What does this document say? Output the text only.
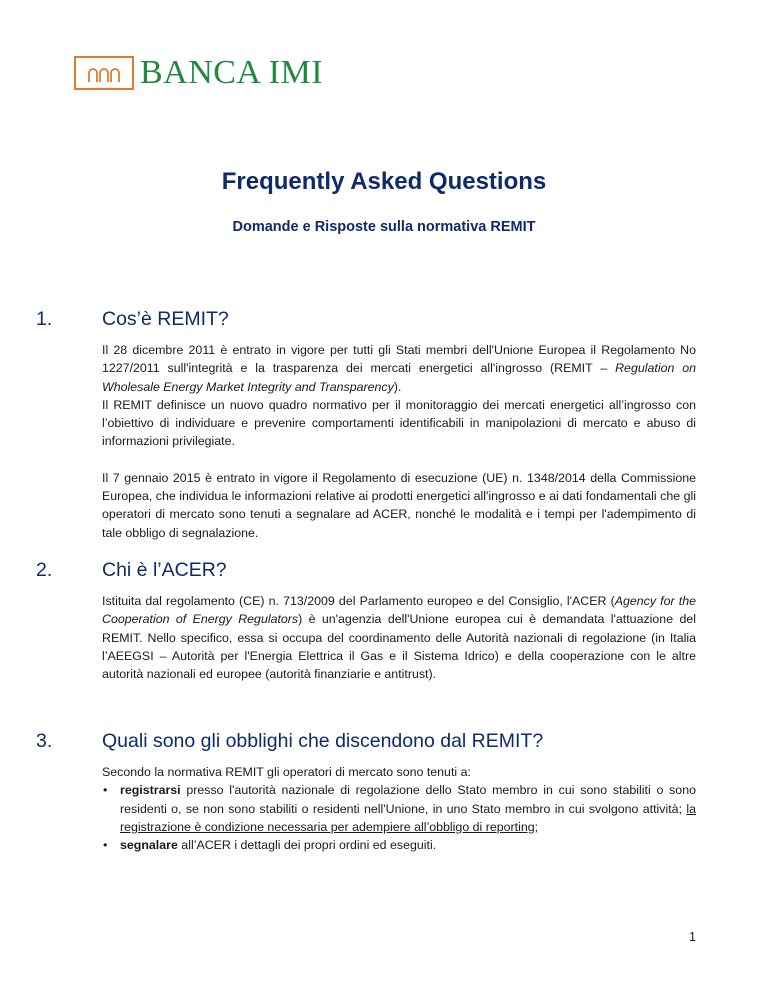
BANCA IMI
Frequently Asked Questions
Domande e Risposte sulla normativa REMIT
1.	Cos’è REMIT?

Il 28 dicembre 2011 è entrato in vigore per tutti gli Stati membri dell'Unione Europea il Regolamento No 1227/2011 sull'integrità e la trasparenza dei mercati energetici all'ingrosso (REMIT – Regulation on Wholesale Energy Market Integrity and Transparency).

Il REMIT definisce un nuovo quadro normativo per il monitoraggio dei mercati energetici all’ingrosso con l’obiettivo di individuare e prevenire comportamenti identificabili in manipolazioni di mercato e abuso di informazioni privilegiate.

Il 7 gennaio 2015 è entrato in vigore il Regolamento di esecuzione (UE) n. 1348/2014 della Commissione Europea, che individua le informazioni relative ai prodotti energetici all'ingrosso e ai dati fondamentali che gli operatori di mercato sono tenuti a segnalare ad ACER, nonché le modalità e i tempi per l'adempimento di tale obbligo di segnalazione.

2.	Chi è l’ACER?

Istituita dal regolamento (CE) n. 713/2009 del Parlamento europeo e del Consiglio, l'ACER (Agency for the Cooperation of Energy Regulators) è un'agenzia dell'Unione europea cui è demandata l'attuazione del REMIT. Nello specifico, essa si occupa del coordinamento delle Autorità nazionali di regolazione (in Italia l’AEEGSI – Autorità per l'Energia Elettrica il Gas e il Sistema Idrico) e della cooperazione con le altre autorità nazionali ed europee (autorità finanziarie e antitrust).

3.	Quali sono gli obblighi che discendono dal REMIT?

Secondo la normativa REMIT gli operatori di mercato sono tenuti a:

• registrarsi presso l'autorità nazionale di regolazione dello Stato membro in cui sono stabiliti o sono residenti o, se non sono stabiliti o residenti nell'Unione, in uno Stato membro in cui svolgono attività; la registrazione è condizione necessaria per adempiere all’obbligo di reporting;
• segnalare all’ACER i dettagli dei propri ordini ed eseguiti.
1
